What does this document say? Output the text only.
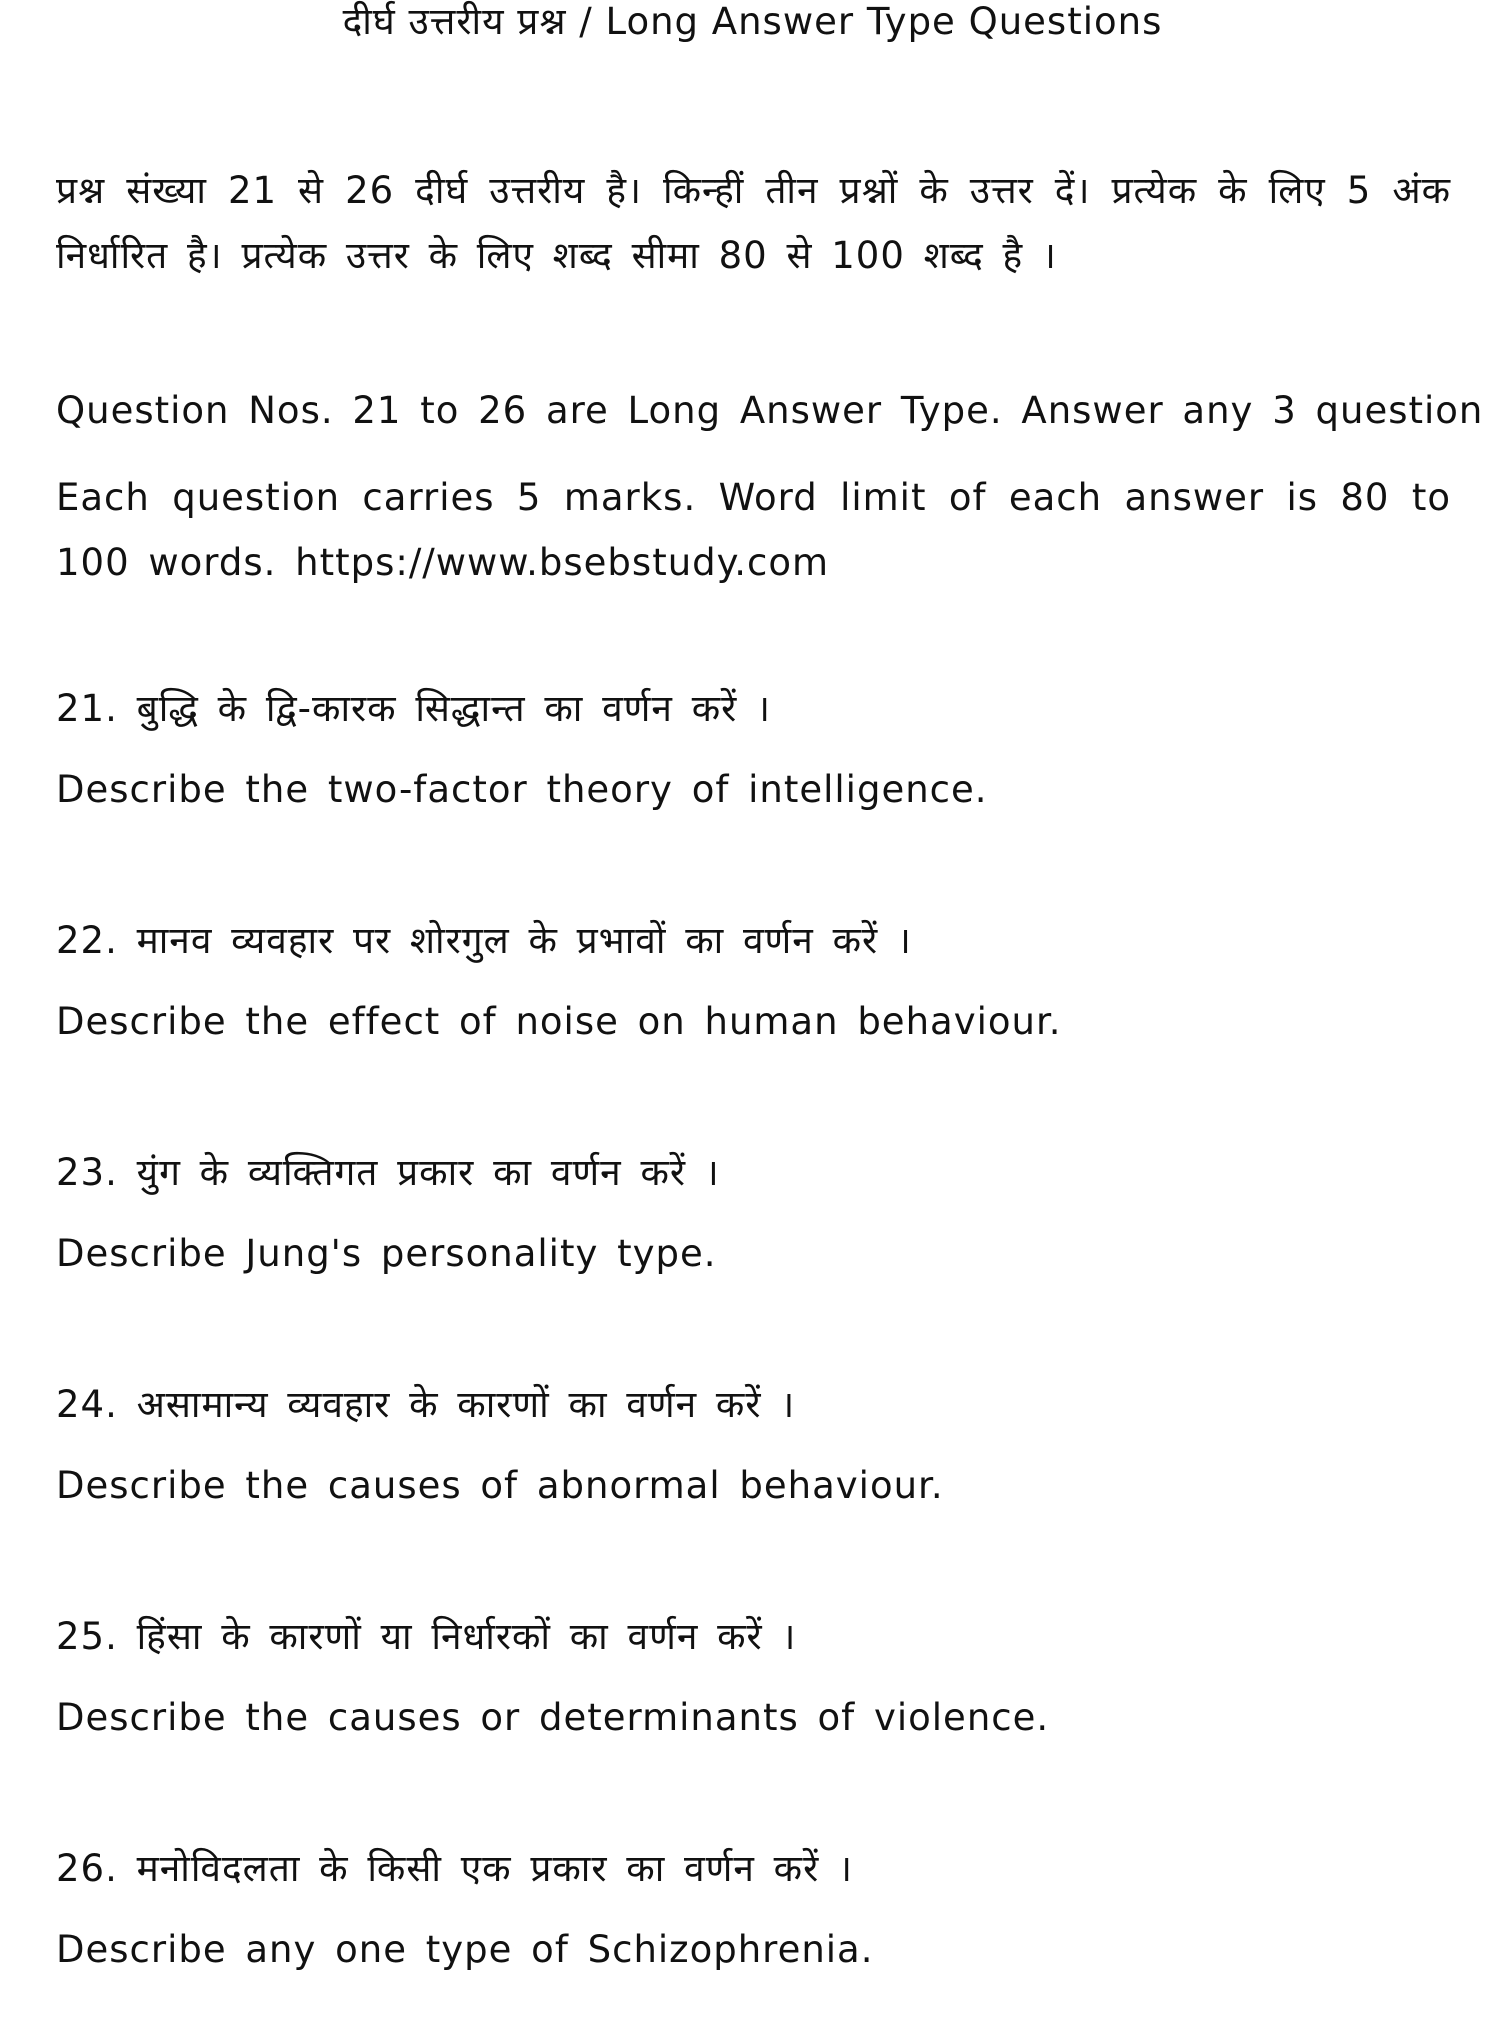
दीर्घ उत्तरीय प्रश्न / Long Answer Type Questions

प्रश्न संख्या 21 से 26 दीर्घ उत्तरीय है। किन्हीं तीन प्रश्नों के उत्तर दें। प्रत्येक के लिए 5 अंक निर्धारित है। प्रत्येक उत्तर के लिए शब्द सीमा 80 से 100 शब्द है ।

Question Nos. 21 to 26 are Long Answer Type. Answer any 3 question

Each question carries 5 marks. Word limit of each answer is 80 to 100 words. https://www.bsebstudy.com

21. बुद्धि के द्वि-कारक सिद्धान्त का वर्णन करें ।

Describe the two-factor theory of intelligence.

22. मानव व्यवहार पर शोरगुल के प्रभावों का वर्णन करें ।

Describe the effect of noise on human behaviour.

23. युंग के व्यक्तिगत प्रकार का वर्णन करें ।

Describe Jung's personality type.

24. असामान्य व्यवहार के कारणों का वर्णन करें ।

Describe the causes of abnormal behaviour.

25. हिंसा के कारणों या निर्धारकों का वर्णन करें ।

Describe the causes or determinants of violence.

26. मनोविदलता के किसी एक प्रकार का वर्णन करें ।

Describe any one type of Schizophrenia.
